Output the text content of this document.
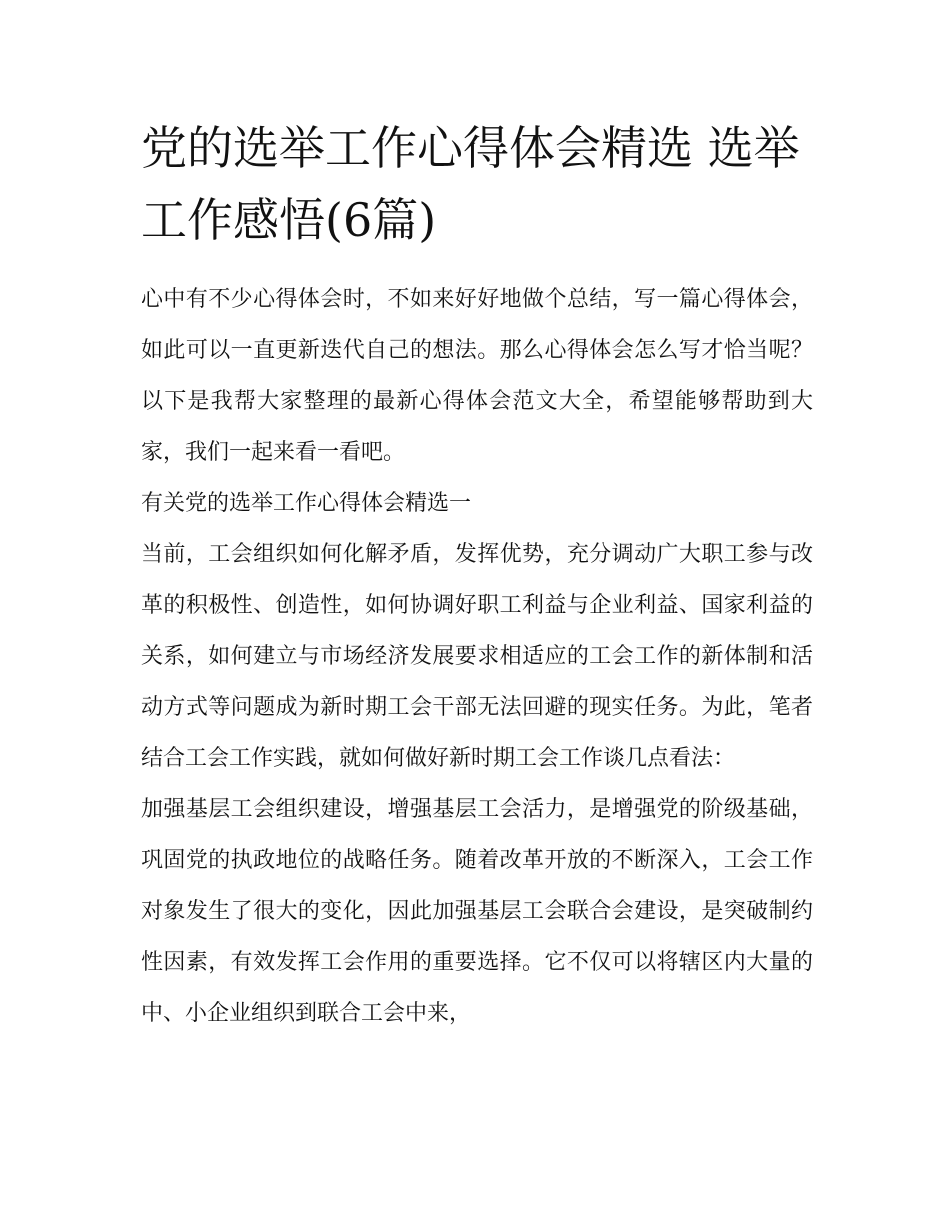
党的选举工作心得体会精选 选举工作感悟(6篇)

心中有不少心得体会时，不如来好好地做个总结，写一篇心得体会，如此可以一直更新迭代自己的想法。那么心得体会怎么写才恰当呢？以下是我帮大家整理的最新心得体会范文大全，希望能够帮助到大家，我们一起来看一看吧。

有关党的选举工作心得体会精选一

当前，工会组织如何化解矛盾，发挥优势，充分调动广大职工参与改革的积极性、创造性，如何协调好职工利益与企业利益、国家利益的关系，如何建立与市场经济发展要求相适应的工会工作的新体制和活动方式等问题成为新时期工会干部无法回避的现实任务。为此，笔者结合工会工作实践，就如何做好新时期工会工作谈几点看法：

加强基层工会组织建设，增强基层工会活力，是增强党的阶级基础，巩固党的执政地位的战略任务。随着改革开放的不断深入，工会工作对象发生了很大的变化，因此加强基层工会联合会建设，是突破制约性因素，有效发挥工会作用的重要选择。它不仅可以将辖区内大量的中、小企业组织到联合工会中来，
